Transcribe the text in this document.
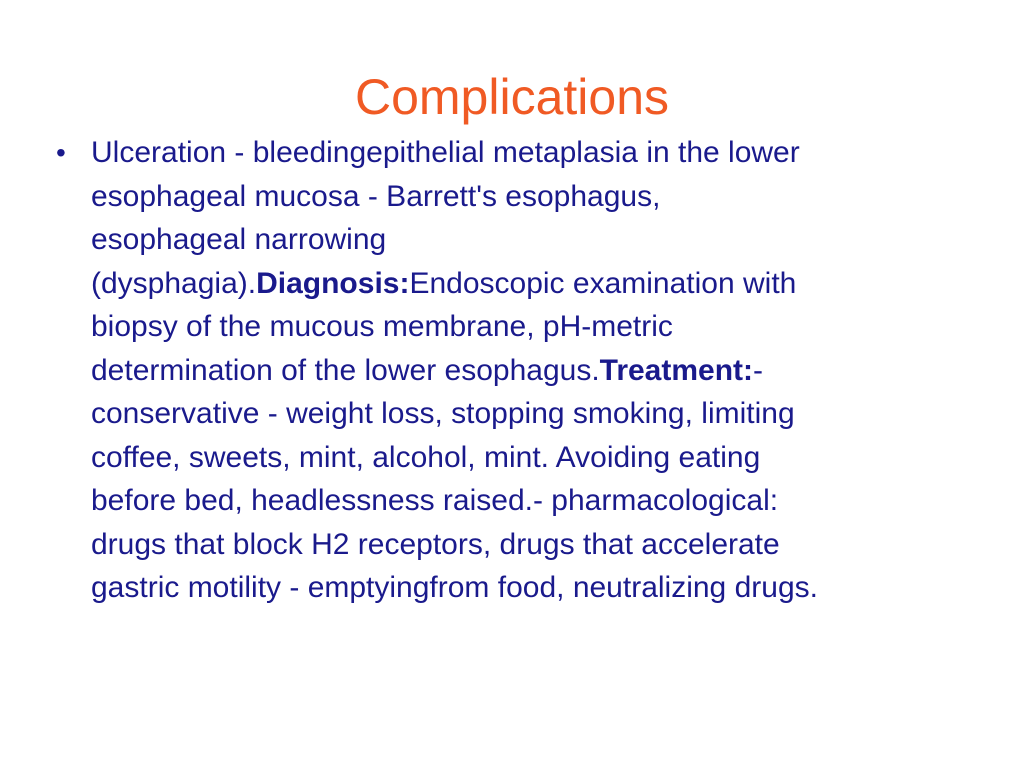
Complications
• Ulceration - bleedingepithelial metaplasia in the lower
esophageal mucosa - Barrett's esophagus,
esophageal narrowing
(dysphagia).Diagnosis:Endoscopic examination with
biopsy of the mucous membrane, pH-metric
determination of the lower esophagus.Treatment:-
conservative - weight loss, stopping smoking, limiting
coffee, sweets, mint, alcohol, mint. Avoiding eating
before bed, headlessness raised.- pharmacological:
drugs that block H2 receptors, drugs that accelerate
gastric motility - emptyingfrom food, neutralizing drugs.
